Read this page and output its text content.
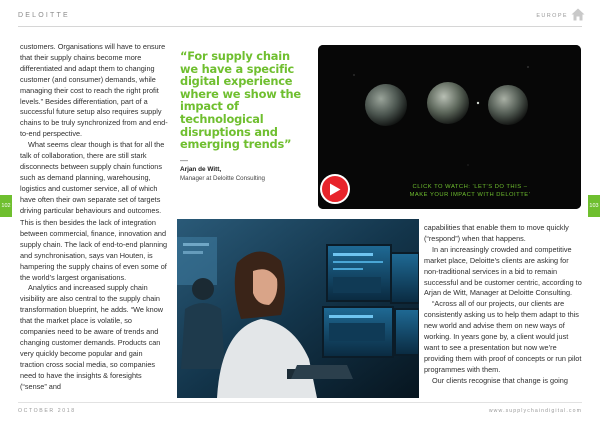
DELOITTE	EUROPE
102	103

customers. Organisations will have to ensure that their supply chains become more differentiated and adapt them to changing customer (and consumer) demands, while managing their cost to reach the right profit levels.” Besides differentiation, part of a successful future setup also requires supply chains to be truly synchronized from and end-to-end perspective.

What seems clear though is that for all the talk of collaboration, there are still stark disconnects between supply chain functions such as demand planning, warehousing, logistics and customer service, all of which have often their own separate set of targets driving particular behaviours and outcomes.

This is then besides the lack of integration between commercial, finance, innovation and supply chain. The lack of end-to-end planning and synchronisation, says van Houten, is hampering the supply chains of even some of the world’s largest organisations.

Analytics and increased supply chain visibility are also central to the supply chain transformation blueprint, he adds. “We know that the market place is volatile, so companies need to be aware of trends and changing customer demands. Products can very quickly become popular and gain traction cross social media, so companies need to have the insights & foresights (“sense” and

“For supply chain we have a specific digital experience where we show the impact of technological disruptions and emerging trends”
—
Arjan de Witt,
Manager at Deloitte Consulting
CLICK TO WATCH: ‘LET’S DO THIS –
MAKE YOUR IMPACT WITH DELOITTE’

capabilities that enable them to move quickly (“respond”) when that happens.

In an increasingly crowded and competitive market place, Deloitte’s clients are asking for non-traditional services in a bid to remain successful and be customer centric, according to Arjan de Witt, Manager at Deloitte Consulting.

“Across all of our projects, our clients are consistently asking us to help them adapt to this new world and advise them on new ways of working. In years gone by, a client would just want to see a presentation but now we’re providing them with proof of concepts or run pilot programmes with them.

Our clients recognise that change is going

OCTOBER 2018	www.supplychaindigital.com
